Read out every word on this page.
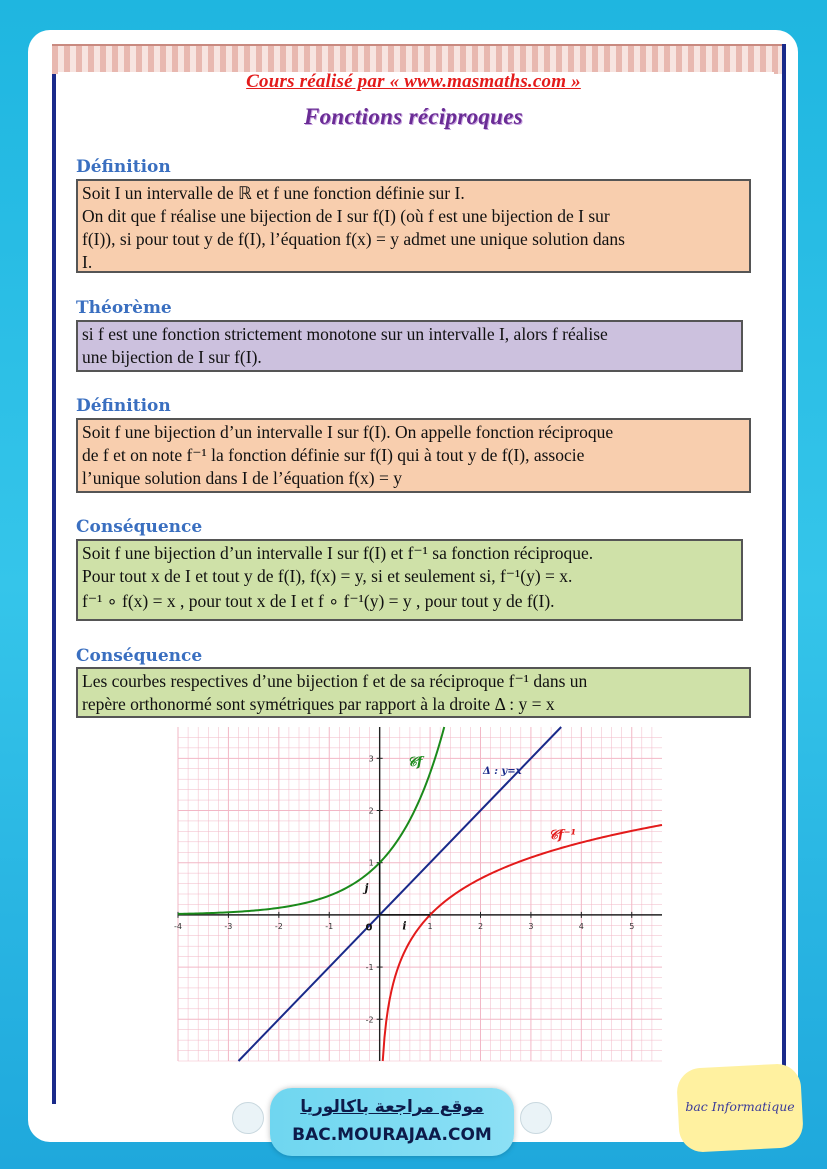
Cours réalisé par « www.masmaths.com »
Fonctions réciproques
Définition

Soit I un intervalle de ℝ et f une fonction définie sur I.

On dit que f réalise une bijection de I sur f(I) (où f est une bijection de I sur

f(I)), si pour tout y de f(I), l’équation f(x) = y admet une unique solution dans

I.

Théorème

si f est une fonction strictement monotone sur un intervalle I, alors f réalise

une bijection de I sur f(I).

Définition

Soit f une bijection d’un intervalle I sur f(I). On appelle fonction réciproque

de f et on note f⁻¹ la fonction définie sur f(I) qui à tout y de f(I), associe

l’unique solution dans I de l’équation f(x) = y

Conséquence

Soit f une bijection d’un intervalle I sur f(I) et f⁻¹ sa fonction réciproque.

Pour tout x de I et tout y de f(I), f(x) = y, si et seulement si, f⁻¹(y) = x.

f⁻¹ ∘ f(x) = x , pour tout x de I et f ∘ f⁻¹(y) = y , pour tout y de f(I).

Conséquence

Les courbes respectives d’une bijection f et de sa réciproque f⁻¹ dans un

repère orthonormé sont symétriques par rapport à la droite Δ : y = x

-4	-3	-2	-1	1	2	3	4	5
3
2
1
-1
-2
𝒞f
𝒞f⁻¹
Δ : y=x
i
j
0
موقع مراجعة باكالوريا
BAC.MOURAJAA.COM
bac Informatique
